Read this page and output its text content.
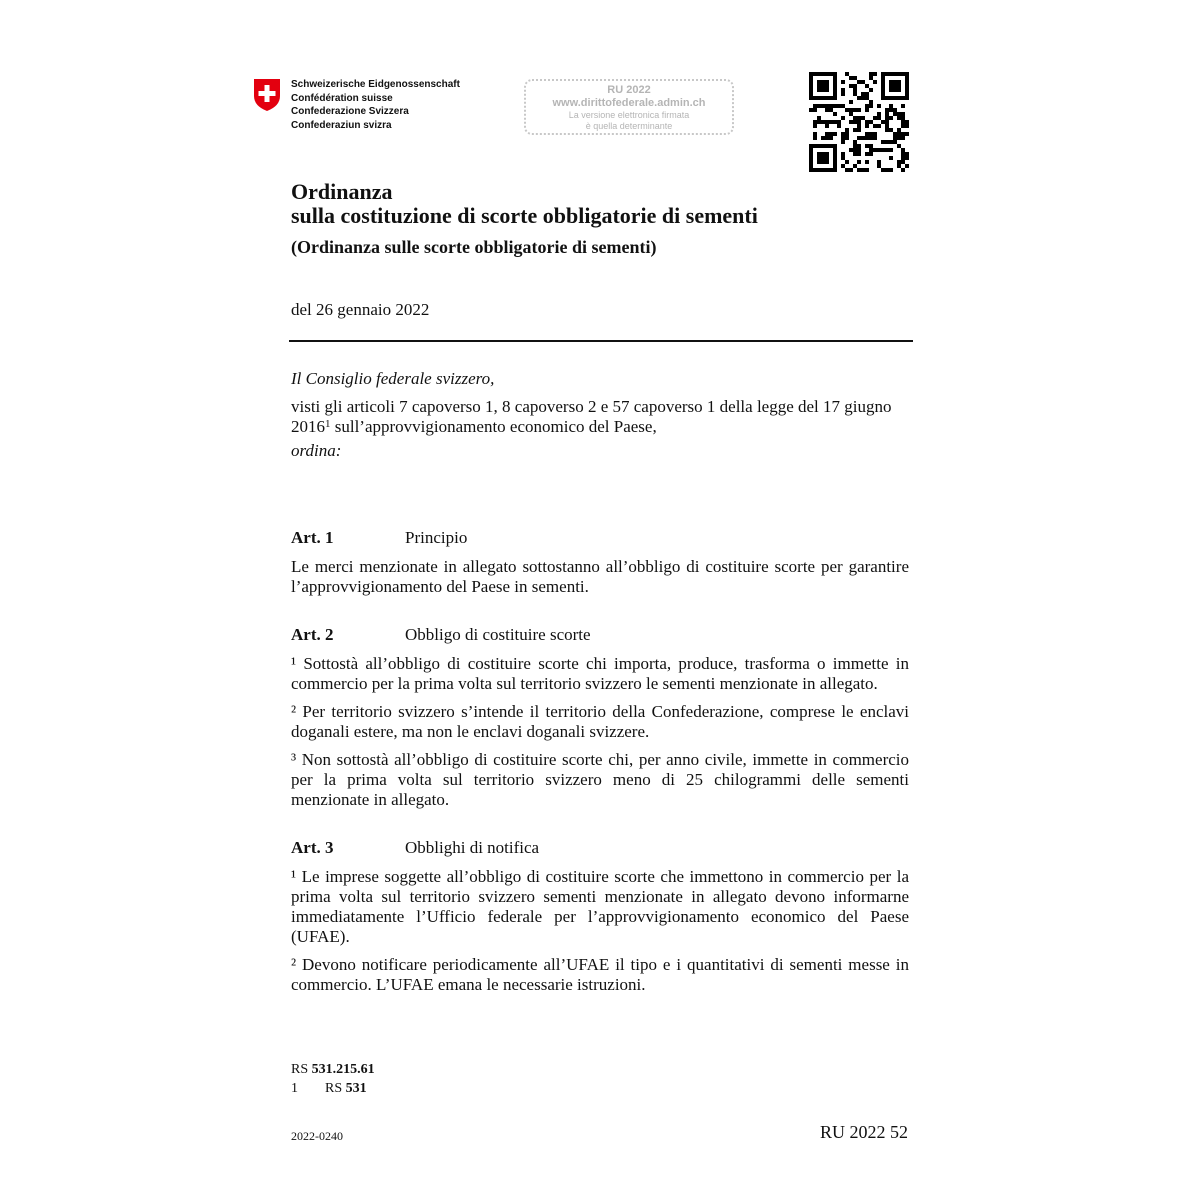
Schweizerische Eidgenossenschaft
Confédération suisse
Confederazione Svizzera
Confederaziun svizra
RU 2022
www.dirittofederale.admin.ch
La versione elettronica firmata
è quella determinante
Ordinanza
sulla costituzione di scorte obbligatorie di sementi
(Ordinanza sulle scorte obbligatorie di sementi)
del 26 gennaio 2022

Il Consiglio federale svizzero,

visti gli articoli 7 capoverso 1, 8 capoverso 2 e 57 capoverso 1 della legge del 17 giugno 2016$^1$ sull’approvvigionamento economico del Paese,

ordina:

Art. 1	Principio

Le merci menzionate in allegato sottostanno all’obbligo di costituire scorte per garantire l’approvvigionamento del Paese in sementi.

Art. 2	Obbligo di costituire scorte

¹ Sottostà all’obbligo di costituire scorte chi importa, produce, trasforma o immette in commercio per la prima volta sul territorio svizzero le sementi menzionate in allegato.

² Per territorio svizzero s’intende il territorio della Confederazione, comprese le enclavi doganali estere, ma non le enclavi doganali svizzere.

³ Non sottostà all’obbligo di costituire scorte chi, per anno civile, immette in commercio per la prima volta sul territorio svizzero meno di 25 chilogrammi delle sementi menzionate in allegato.

Art. 3	Obblighi di notifica

¹ Le imprese soggette all’obbligo di costituire scorte che immettono in commercio per la prima volta sul territorio svizzero sementi menzionate in allegato devono informarne immediatamente l’Ufficio federale per l’approvvigionamento economico del Paese (UFAE).

² Devono notificare periodicamente all’UFAE il tipo e i quantitativi di sementi messe in commercio. L’UFAE emana le necessarie istruzioni.

RS 531.215.61
1 RS 531
2022-0240	RU 2022 52
